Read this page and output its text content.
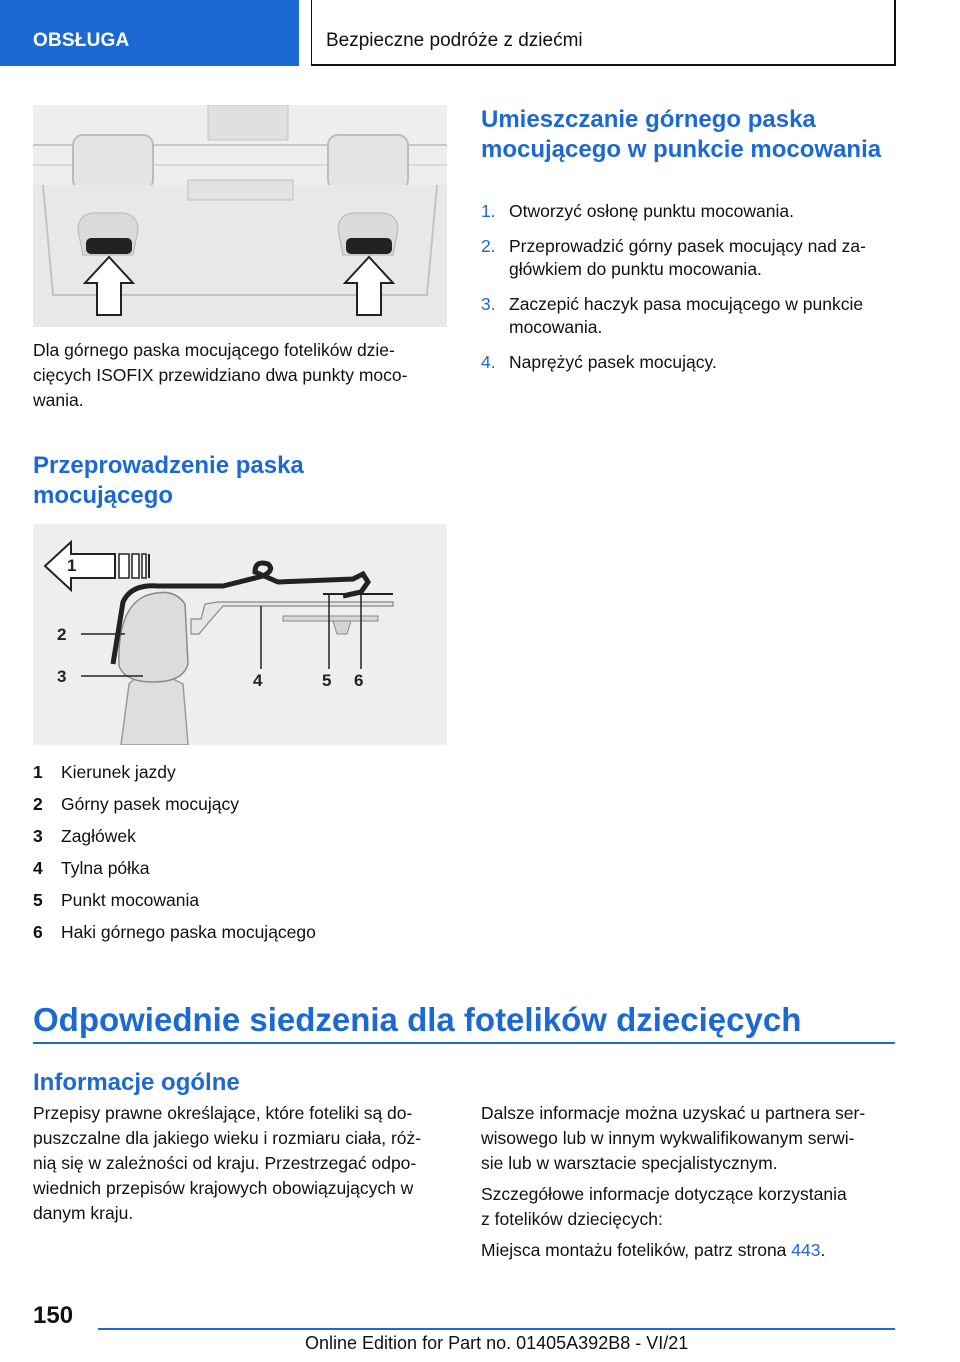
OBSŁUGA	Bezpieczne podróże z dziećmi
Dla górnego paska mocującego fotelików dzie-
cięcych ISOFIX przewidziano dwa punkty moco-
wania.
Przeprowadzenie paska mocującego
1
2
3	4	5 6
1	Kierunek jazdy
2	Górny pasek mocujący
3	Zagłówek
4	Tylna półka
5	Punkt mocowania
6	Haki górnego paska mocującego
Umieszczanie górnego paska mocującego w punkcie mocowania
1. Otworzyć osłonę punktu mocowania.
2. Przeprowadzić górny pasek mocujący nad za-
główkiem do punktu mocowania.
3. Zaczepić haczyk pasa mocującego w punkcie
mocowania.
4. Naprężyć pasek mocujący.
Odpowiednie siedzenia dla fotelików dziecięcych
Informacje ogólne
Przepisy prawne określające, które foteliki są do-
puszczalne dla jakiego wieku i rozmiaru ciała, róż-
nią się w zależności od kraju. Przestrzegać odpo-
wiednich przepisów krajowych obowiązujących w
danym kraju.

Dalsze informacje można uzyskać u partnera ser-
wisowego lub w innym wykwalifikowanym serwi-
sie lub w warsztacie specjalistycznym.

Szczegółowe informacje dotyczące korzystania
z fotelików dziecięcych:

Miejsca montażu fotelików, patrz strona 443.

150
Online Edition for Part no. 01405A392B8 - VI/21
